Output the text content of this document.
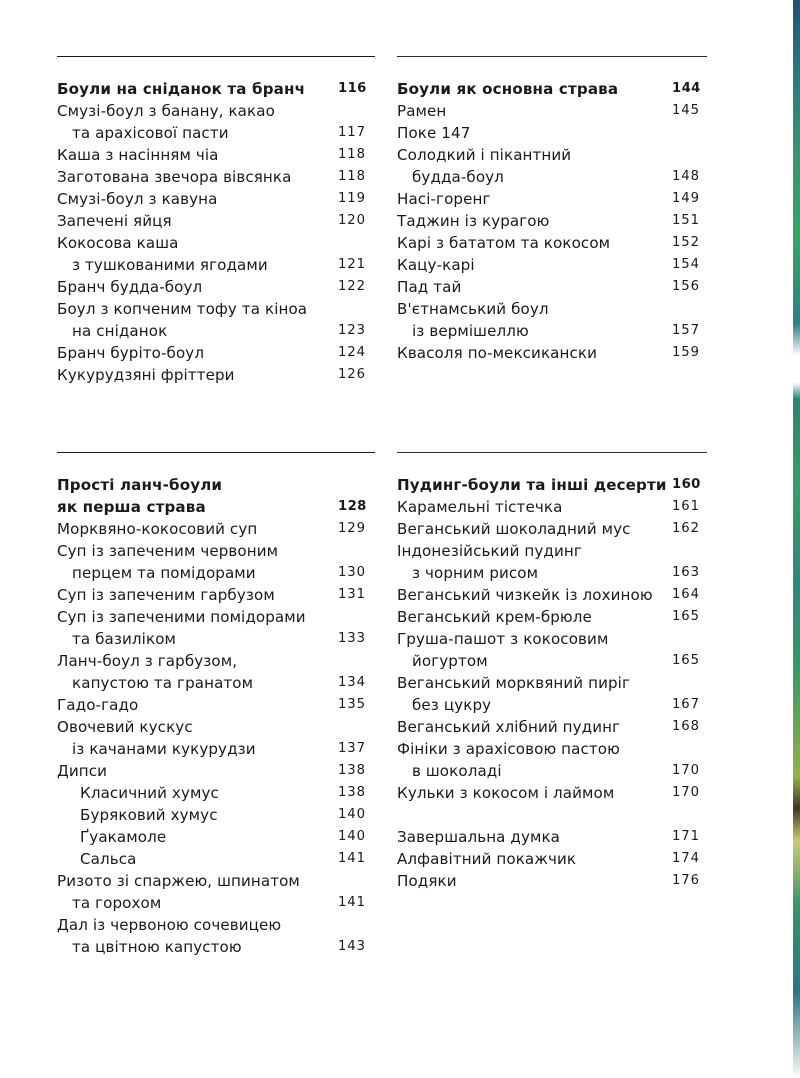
Боули на сніданок та бранч 116
Смузі-боул з бананy, какао
та арахісової пасти	117
Каша з насінням чіа	118
Заготована звечора вівсянка	118
Смузі-боул з кавуна	119
Запечені яйця	120
Кокосова каша
з тушкованими ягодами	121
Бранч будда-боул	122
Боул з копченим тофу та кіноа
на сніданок	123
Бранч буріто-боул	124
Кукурудзяні фріттери	126
Боули як основна страва	144
Рамен	145
Поке 147
Солодкий і пікантний
будда-боул	148
Насі-горенг	149
Таджин із курагою	151
Карі з бататом та кокосом	152
Кацу-карі	154
Пад тай	156
В'єтнамський боул
із вермішеллю	157
Квасоля по-мексикански	159
Прості ланч-боули
як перша страва	128
Морквяно-кокосовий суп	129
Суп із запеченим червоним
перцем та помідорами	130
Суп із запеченим гарбузом	131
Суп із запеченими помідорами
та базиліком	133
Ланч-боул з гарбузом,
капустою та гранатом	134
Гадо-гадо	135
Овочевий кускус
із качанами кукурудзи	137
Дипси	138
Класичний хумус	138
Буряковий хумус	140
Ґуакамоле	140
Сальса	141
Ризото зі спаржею, шпинатом
та горохом	141
Дал із червоною сочевицею
та цвітною капустою	143
Пудинг-боули та інші десерти 160
Карамельні тістечка	161
Веганський шоколадний мус	162
Індонезійський пудинг
з чорним рисом	163
Веганський чизкейк із лохиною 164
Веганський крем-брюле	165
Груша-пашот з кокосовим
йогуртом	165
Веганський морквяний пиріг
без цукру	167
Веганський хлібний пудинг	168
Фініки з арахісовою пастою
в шоколаді	170
Кульки з кокосом і лаймом	170
Завершальна думка	171
Алфавітний покажчик	174
Подяки	176
